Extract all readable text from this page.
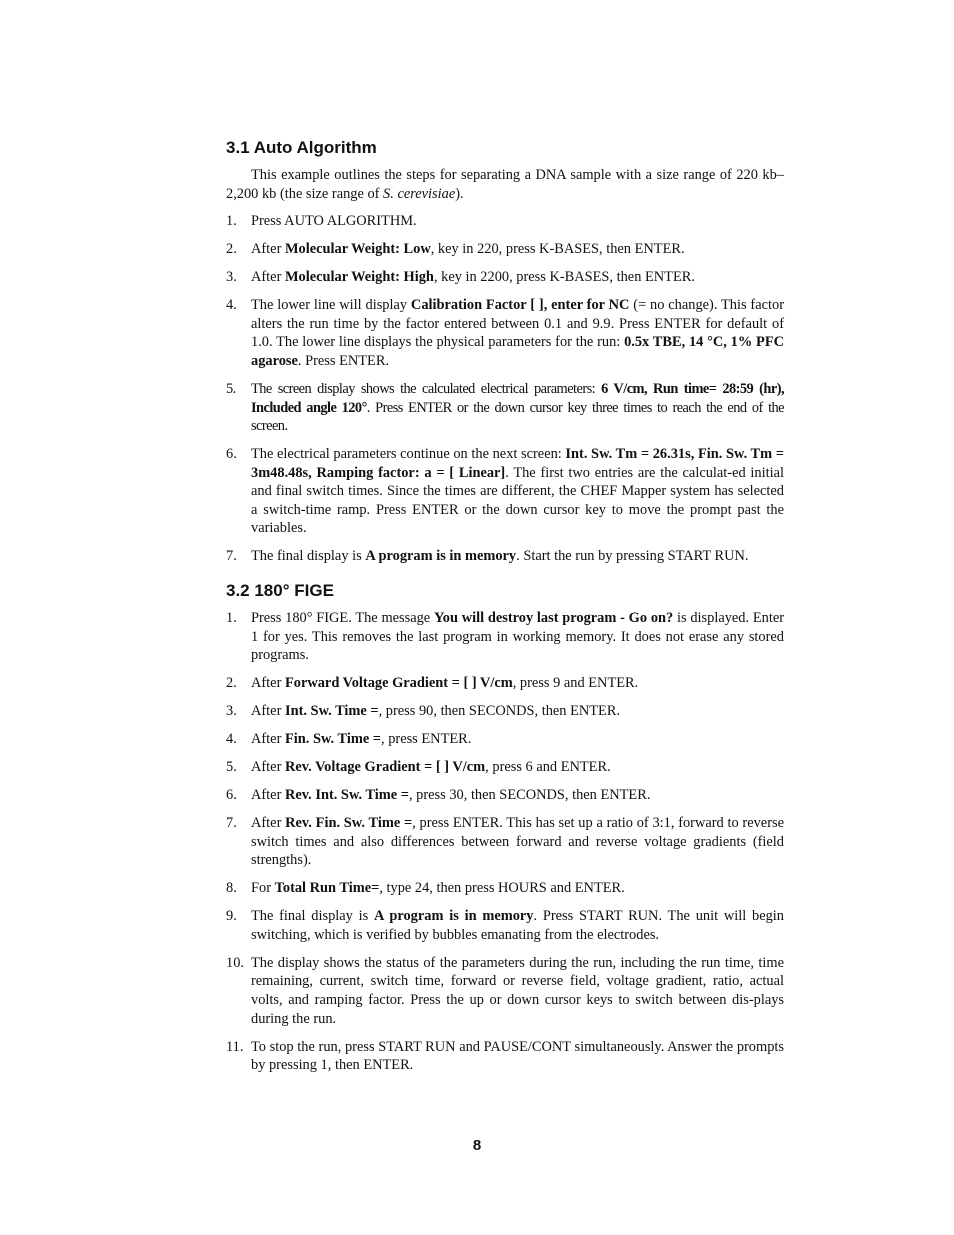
3.1 Auto Algorithm

This example outlines the steps for separating a DNA sample with a size range of 220 kb–2,200 kb (the size range of S. cerevisiae).

1. Press AUTO ALGORITHM.
2. After Molecular Weight: Low, key in 220, press K-BASES, then ENTER.
3. After Molecular Weight: High, key in 2200, press K-BASES, then ENTER.
4. The lower line will display Calibration Factor [ ], enter for NC (= no change). This factor alters the run time by the factor entered between 0.1 and 9.9. Press ENTER for default of 1.0. The lower line displays the physical parameters for the run: 0.5x TBE, 14 °C, 1% PFC agarose. Press ENTER.
5. The screen display shows the calculated electrical parameters: 6 V/cm, Run time= 28:59 (hr), Included angle 120°. Press ENTER or the down cursor key three times to reach the end of the screen.
6. The electrical parameters continue on the next screen: Int. Sw. Tm = 26.31s, Fin. Sw. Tm = 3m48.48s, Ramping factor: a = [ Linear]. The first two entries are the calculat-ed initial and final switch times. Since the times are different, the CHEF Mapper system has selected a switch-time ramp. Press ENTER or the down cursor key to move the prompt past the variables.
7. The final display is A program is in memory. Start the run by pressing START RUN.
3.2 180° FIGE
1. Press 180° FIGE. The message You will destroy last program - Go on? is displayed. Enter 1 for yes. This removes the last program in working memory. It does not erase any stored programs.
2. After Forward Voltage Gradient = [ ] V/cm, press 9 and ENTER.
3. After Int. Sw. Time =, press 90, then SECONDS, then ENTER.
4. After Fin. Sw. Time =, press ENTER.
5. After Rev. Voltage Gradient = [ ] V/cm, press 6 and ENTER.
6. After Rev. Int. Sw. Time =, press 30, then SECONDS, then ENTER.
7. After Rev. Fin. Sw. Time =, press ENTER. This has set up a ratio of 3:1, forward to reverse switch times and also differences between forward and reverse voltage gradients (field strengths).
8. For Total Run Time=, type 24, then press HOURS and ENTER.
9. The final display is A program is in memory. Press START RUN. The unit will begin switching, which is verified by bubbles emanating from the electrodes.
10. The display shows the status of the parameters during the run, including the run time, time remaining, current, switch time, forward or reverse field, voltage gradient, ratio, actual volts, and ramping factor. Press the up or down cursor keys to switch between dis-plays during the run.
11. To stop the run, press START RUN and PAUSE/CONT simultaneously. Answer the prompts by pressing 1, then ENTER.
8
